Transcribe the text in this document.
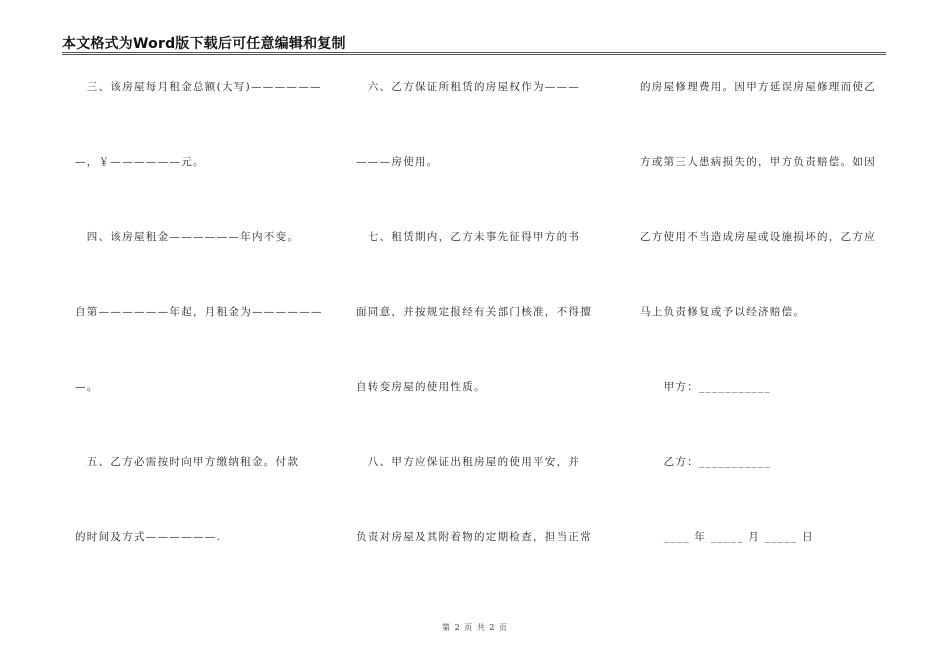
本文格式为Word版下载后可任意编辑和复制
　三、该房屋每月租金总额(大写)——————
—，￥——————元。
　四、该房屋租金——————年内不变。
自第——————年起，月租金为——————
—。
　五、乙方必需按时向甲方缴纳租金。付款
的时间及方式——————.
　六、乙方保证所租赁的房屋权作为———
———房使用。
　七、租赁期内，乙方未事先征得甲方的书
面同意，并按规定报经有关部门核准，不得擅
自转变房屋的使用性质。
　八、甲方应保证出租房屋的使用平安，并
负责对房屋及其附着物的定期检查，担当正常
的房屋修理费用。因甲方延误房屋修理而使乙
方或第三人患病损失的，甲方负责赔偿。如因
乙方使用不当造成房屋或设施损坏的，乙方应
马上负责修复或予以经济赔偿。
　　甲方：___________
　　乙方：___________
　　____ 年 _____ 月 _____ 日
第 2 页 共 2 页
